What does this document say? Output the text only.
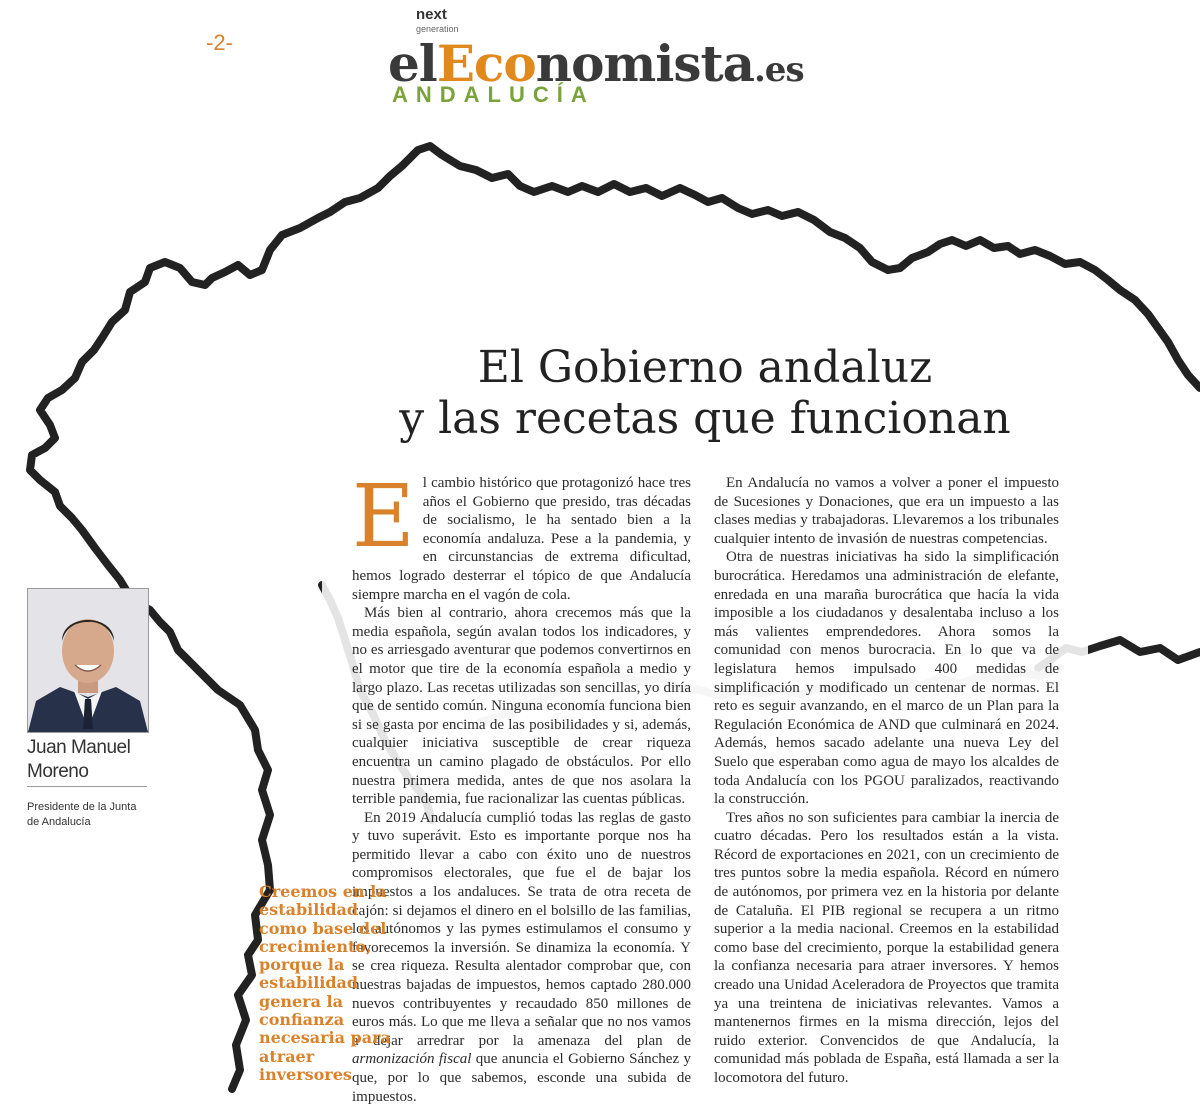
-2-
next
generation
elEconomista.es
ANDALUCÍA
El Gobierno andaluz
y las recetas que funcionan

El cambio histórico que protagonizó hace tres años el Gobierno que presido, tras décadas de socialismo, le ha sentado bien a la economía andaluza. Pese a la pandemia, y en circunstancias de extrema dificultad, hemos logrado desterrar el tópico de que Andalucía siempre marcha en el vagón de cola.

Más bien al contrario, ahora crecemos más que la media española, según avalan todos los indicadores, y no es arriesgado aventurar que podemos convertirnos en el motor que tire de la economía española a medio y largo plazo. Las recetas utilizadas son sencillas, yo diría que de sentido común. Ninguna economía funciona bien si se gasta por encima de las posibilidades y si, además, cualquier iniciativa susceptible de crear riqueza encuentra un camino plagado de obstáculos. Por ello nuestra primera medida, antes de que nos asolara la terrible pandemia, fue racionalizar las cuentas públicas.

En 2019 Andalucía cumplió todas las reglas de gasto y tuvo superávit. Esto es importante porque nos ha permitido llevar a cabo con éxito uno de nuestros compromisos electorales, que fue el de bajar los impuestos a los andaluces. Se trata de otra receta de cajón: si dejamos el dinero en el bolsillo de las familias, los autónomos y las pymes estimulamos el consumo y favorecemos la inversión. Se dinamiza la economía. Y se crea riqueza. Resulta alentador comprobar que, con nuestras bajadas de impuestos, hemos captado 280.000 nuevos contribuyentes y recaudado 850 millones de euros más. Lo que me lleva a señalar que no nos vamos a dejar arredrar por la amenaza del plan de armonización fiscal que anuncia el Gobierno Sánchez y que, por lo que sabemos, esconde una subida de impuestos.

En Andalucía no vamos a volver a poner el impuesto de Sucesiones y Donaciones, que era un impuesto a las clases medias y trabajadoras. Llevaremos a los tribunales cualquier intento de invasión de nuestras competencias.

Otra de nuestras iniciativas ha sido la simplificación burocrática. Heredamos una administración de elefante, enredada en una maraña burocrática que hacía la vida imposible a los ciudadanos y desalentaba incluso a los más valientes emprendedores. Ahora somos la comunidad con menos burocracia. En lo que va de legislatura hemos impulsado 400 medidas de simplificación y modificado un centenar de normas. El reto es seguir avanzando, en el marco de un Plan para la Regulación Económica de AND que culminará en 2024. Además, hemos sacado adelante una nueva Ley del Suelo que esperaban como agua de mayo los alcaldes de toda Andalucía con los PGOU paralizados, reactivando la construcción.

Tres años no son suficientes para cambiar la inercia de cuatro décadas. Pero los resultados están a la vista. Récord de exportaciones en 2021, con un crecimiento de tres puntos sobre la media española. Récord en número de autónomos, por primera vez en la historia por delante de Cataluña. El PIB regional se recupera a un ritmo superior a la media nacional. Creemos en la estabilidad como base del crecimiento, porque la estabilidad genera la confianza necesaria para atraer inversores. Y hemos creado una Unidad Aceleradora de Proyectos que tramita ya una treintena de iniciativas relevantes. Vamos a mantenernos firmes en la misma dirección, lejos del ruido exterior. Convencidos de que Andalucía, la comunidad más poblada de España, está llamada a ser la locomotora del futuro.

Juan Manuel Moreno

Presidente de la Junta de Andalucía

Creemos en la estabilidad como base del crecimiento, porque la estabilidad genera la confianza necesaria para atraer inversores
